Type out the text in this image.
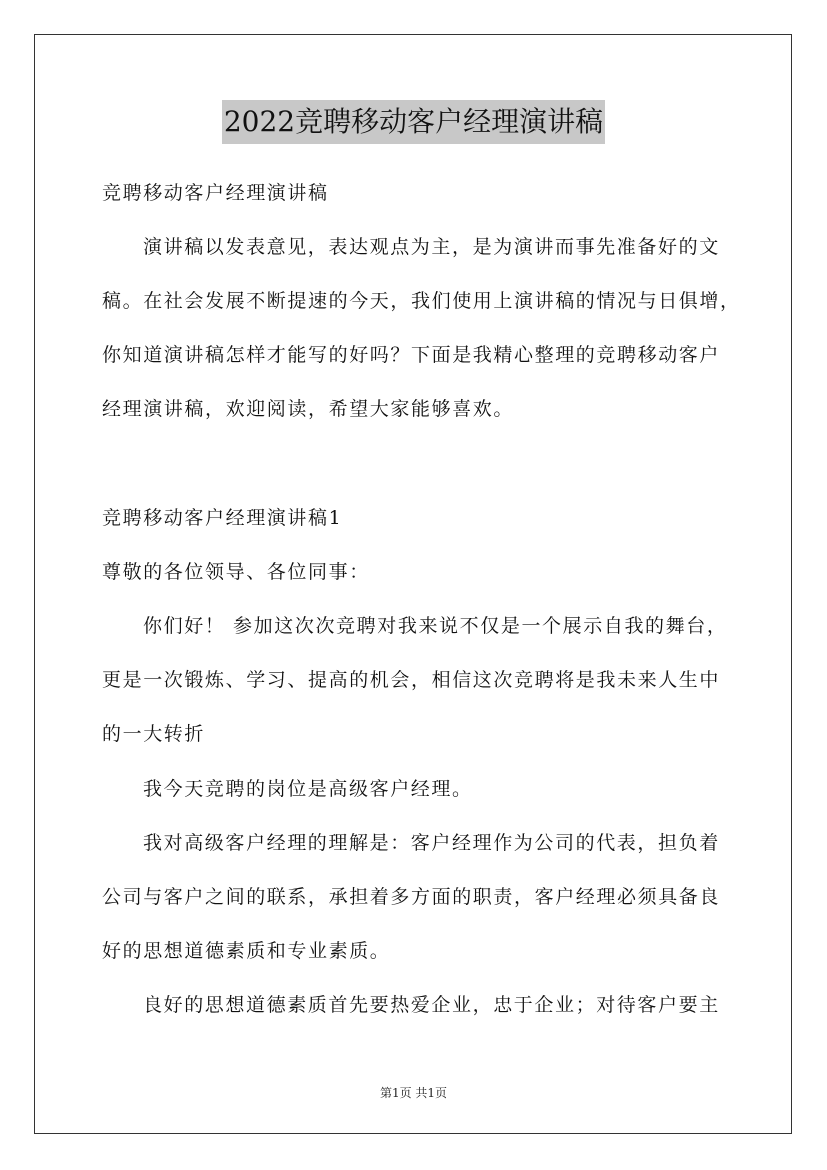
2022竞聘移动客户经理演讲稿

竞聘移动客户经理演讲稿

演讲稿以发表意见，表达观点为主，是为演讲而事先准备好的文

稿。在社会发展不断提速的今天，我们使用上演讲稿的情况与日俱增，

你知道演讲稿怎样才能写的好吗？下面是我精心整理的竞聘移动客户

经理演讲稿，欢迎阅读，希望大家能够喜欢。

竞聘移动客户经理演讲稿1

尊敬的各位领导、各位同事：

你们好！ 参加这次次竞聘对我来说不仅是一个展示自我的舞台，

更是一次锻炼、学习、提高的机会，相信这次竞聘将是我未来人生中

的一大转折

我今天竞聘的岗位是高级客户经理。

我对高级客户经理的理解是：客户经理作为公司的代表，担负着

公司与客户之间的联系，承担着多方面的职责，客户经理必须具备良

好的思想道德素质和专业素质。

良好的思想道德素质首先要热爱企业，忠于企业；对待客户要主

第1页 共1页
